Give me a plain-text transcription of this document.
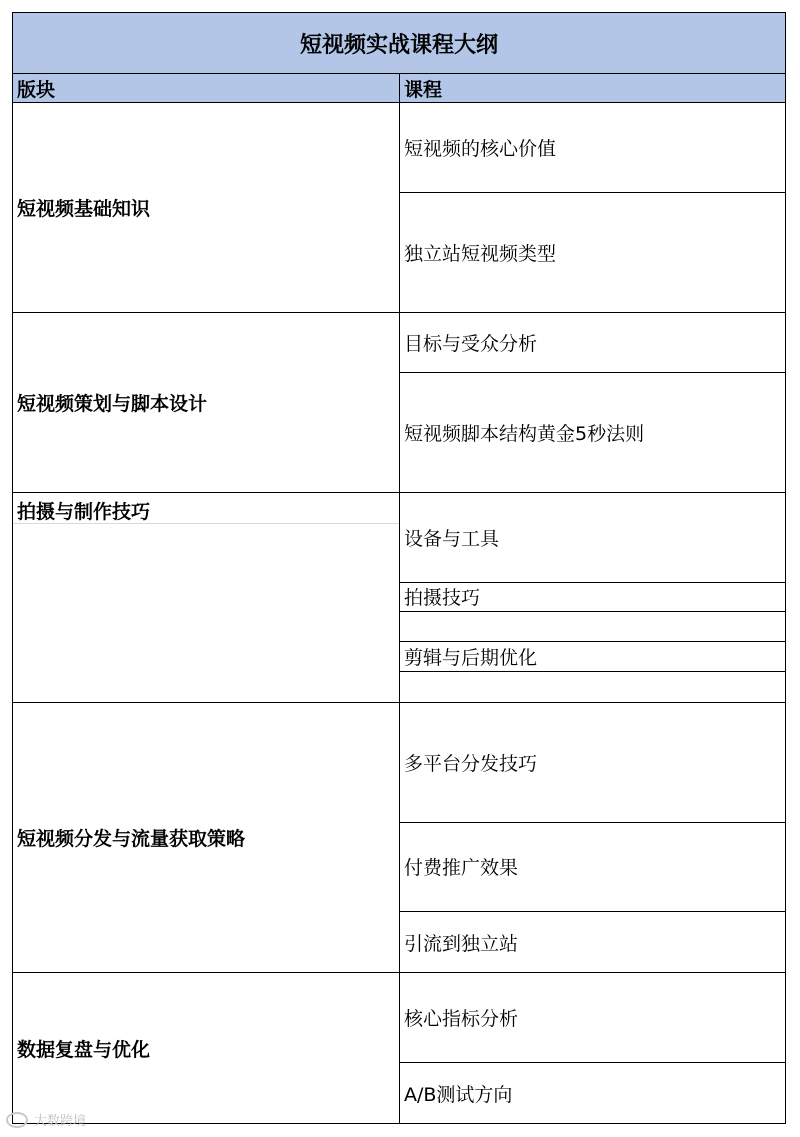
短视频实战课程大纲
版块	课程
短视频基础知识
短视频的核心价值
独立站短视频类型
短视频策划与脚本设计
目标与受众分析
短视频脚本结构黄金5秒法则
拍摄与制作技巧
设备与工具
拍摄技巧
剪辑与后期优化
短视频分发与流量获取策略
多平台分发技巧
付费推广效果
引流到独立站
数据复盘与优化
核心指标分析
A/B测试方向
大数跨境
